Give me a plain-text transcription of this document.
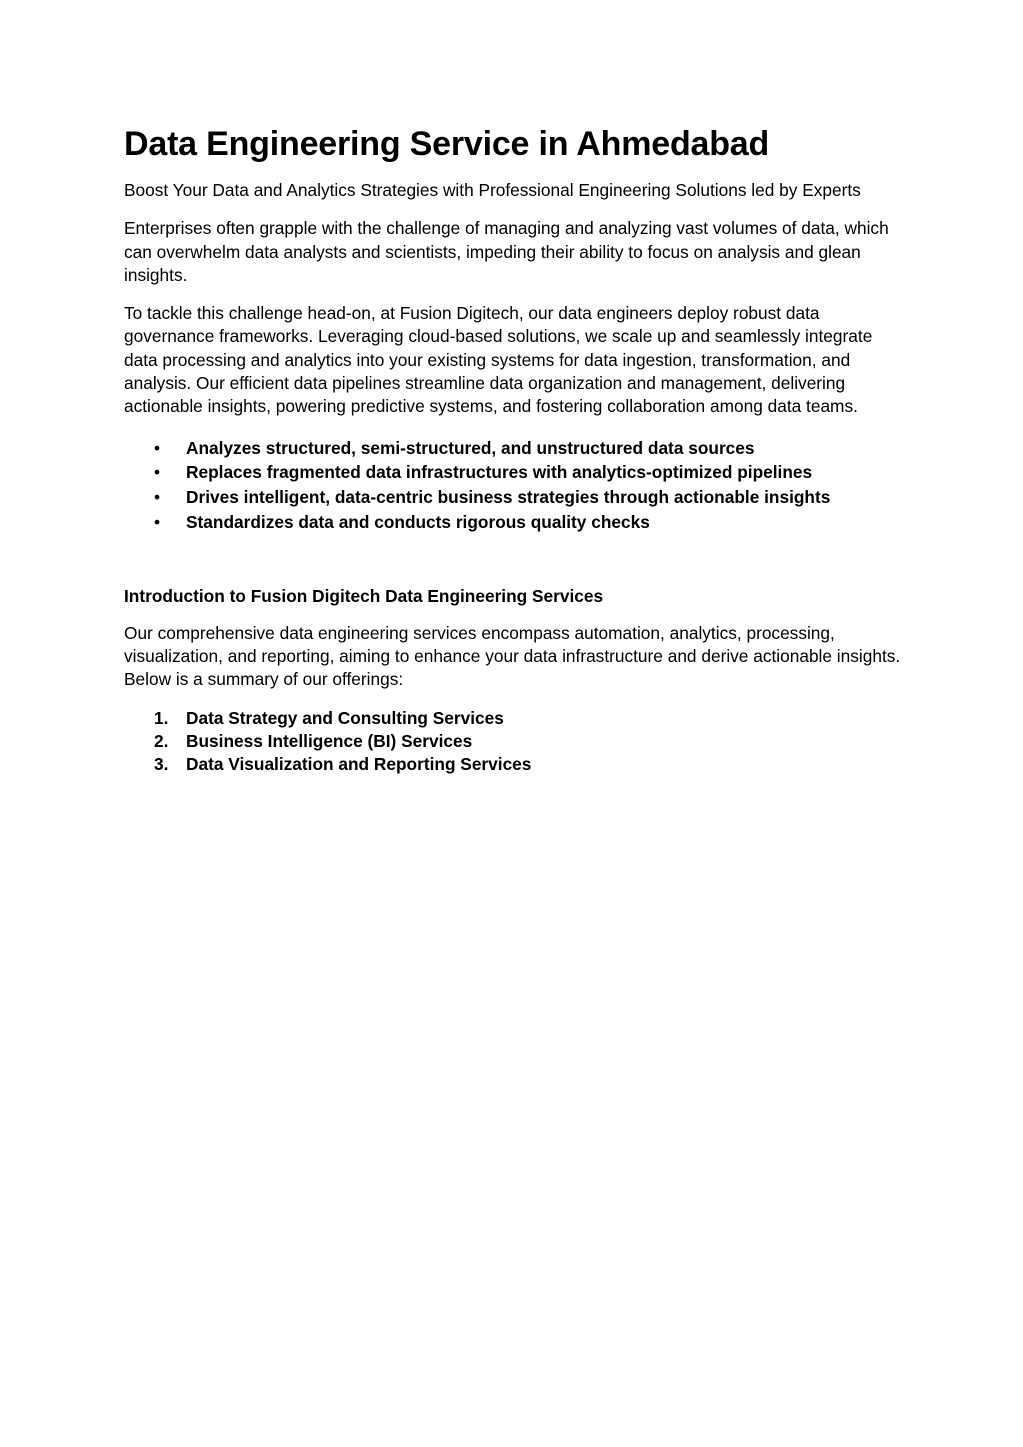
Data Engineering Service in Ahmedabad

Boost Your Data and Analytics Strategies with Professional Engineering Solutions led by Experts

Enterprises often grapple with the challenge of managing and analyzing vast volumes of data, which can overwhelm data analysts and scientists, impeding their ability to focus on analysis and glean insights.

To tackle this challenge head-on, at Fusion Digitech, our data engineers deploy robust data governance frameworks. Leveraging cloud-based solutions, we scale up and seamlessly integrate data processing and analytics into your existing systems for data ingestion, transformation, and analysis. Our efficient data pipelines streamline data organization and management, delivering actionable insights, powering predictive systems, and fostering collaboration among data teams.

• Analyzes structured, semi-structured, and unstructured data sources
• Replaces fragmented data infrastructures with analytics-optimized pipelines
• Drives intelligent, data-centric business strategies through actionable insights
• Standardizes data and conducts rigorous quality checks
Introduction to Fusion Digitech Data Engineering Services

Our comprehensive data engineering services encompass automation, analytics, processing, visualization, and reporting, aiming to enhance your data infrastructure and derive actionable insights. Below is a summary of our offerings:

1. Data Strategy and Consulting Services
2. Business Intelligence (BI) Services
3. Data Visualization and Reporting Services
